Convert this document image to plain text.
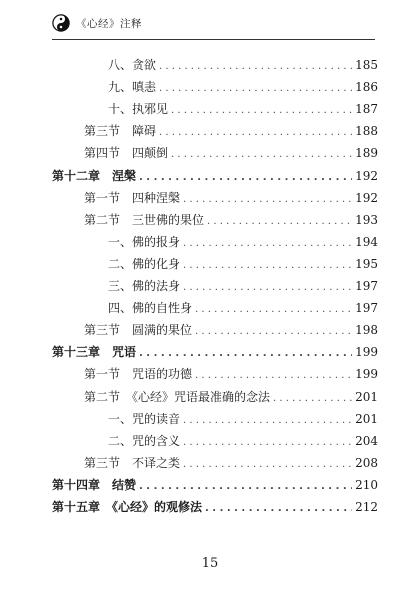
《心经》注释
八、贪欲 . . .	185
九、嗔恚 . . .	186
十、执邪见 . . .	187
第三节　障碍 . . .	188
第四节　四颠倒 . . .	189
第十二章　涅槃 . . .	192
第一节　四种涅槃 . . .	192
第二节　三世佛的果位 . . .	193
一、佛的报身 . . .	194
二、佛的化身 . . .	195
三、佛的法身 . . .	197
四、佛的自性身 . . .	197
第三节　圆满的果位 . . .	198
第十三章　咒语 . . .	199
第一节　咒语的功德 . . .	199
第二节　《心经》咒语最准确的念法 . . .	201
一、咒的读音 . . .	201
二、咒的含义 . . .	204
第三节　不译之类 . . .	208
第十四章　结赞 . . .	210
第十五章　《心经》的观修法 . . .	212
15
